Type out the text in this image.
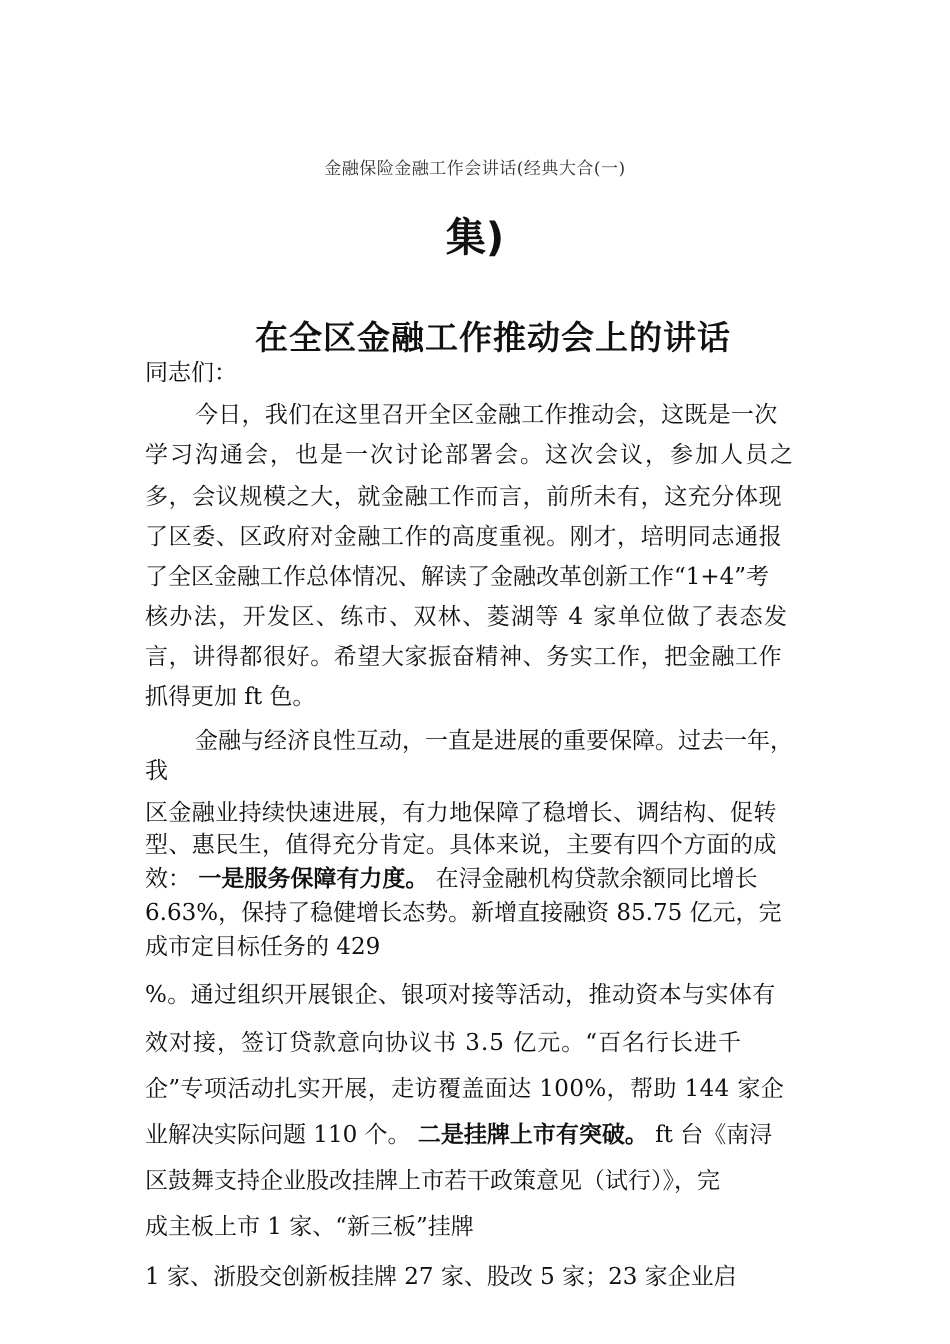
金融保险金融工作会讲话(经典大合(一)
集)
在全区金融工作推动会上的讲话
同志们：
今日，我们在这里召开全区金融工作推动会，这既是一次
学习沟通会，也是一次讨论部署会。这次会议，参加人员之
多，会议规模之大，就金融工作而言，前所未有，这充分体现
了区委、区政府对金融工作的高度重视。刚才，培明同志通报
了全区金融工作总体情况、解读了金融改革创新工作“1+4”考
核办法，开发区、练市、双林、菱湖等 4 家单位做了表态发
言，讲得都很好。希望大家振奋精神、务实工作，把金融工作
抓得更加 ft 色。
金融与经济良性互动，一直是进展的重要保障。过去一年，
我
区金融业持续快速进展，有力地保障了稳增长、调结构、促转
型、惠民生，值得充分肯定。具体来说，主要有四个方面的成
效： 一是服务保障有力度。 在浔金融机构贷款余额同比增长
6.63%，保持了稳健增长态势。新增直接融资 85.75 亿元，完
成市定目标任务的 429
%。通过组织开展银企、银项对接等活动，推动资本与实体有
效对接，签订贷款意向协议书 3.5 亿元。“百名行长进千
企”专项活动扎实开展，走访覆盖面达 100%，帮助 144 家企
业解决实际问题 110 个。 二是挂牌上市有突破。 ft 台《南浔
区鼓舞支持企业股改挂牌上市若干政策意见（试行）》，完
成主板上市 1 家、“新三板”挂牌
1 家、浙股交创新板挂牌 27 家、股改 5 家；23 家企业启
